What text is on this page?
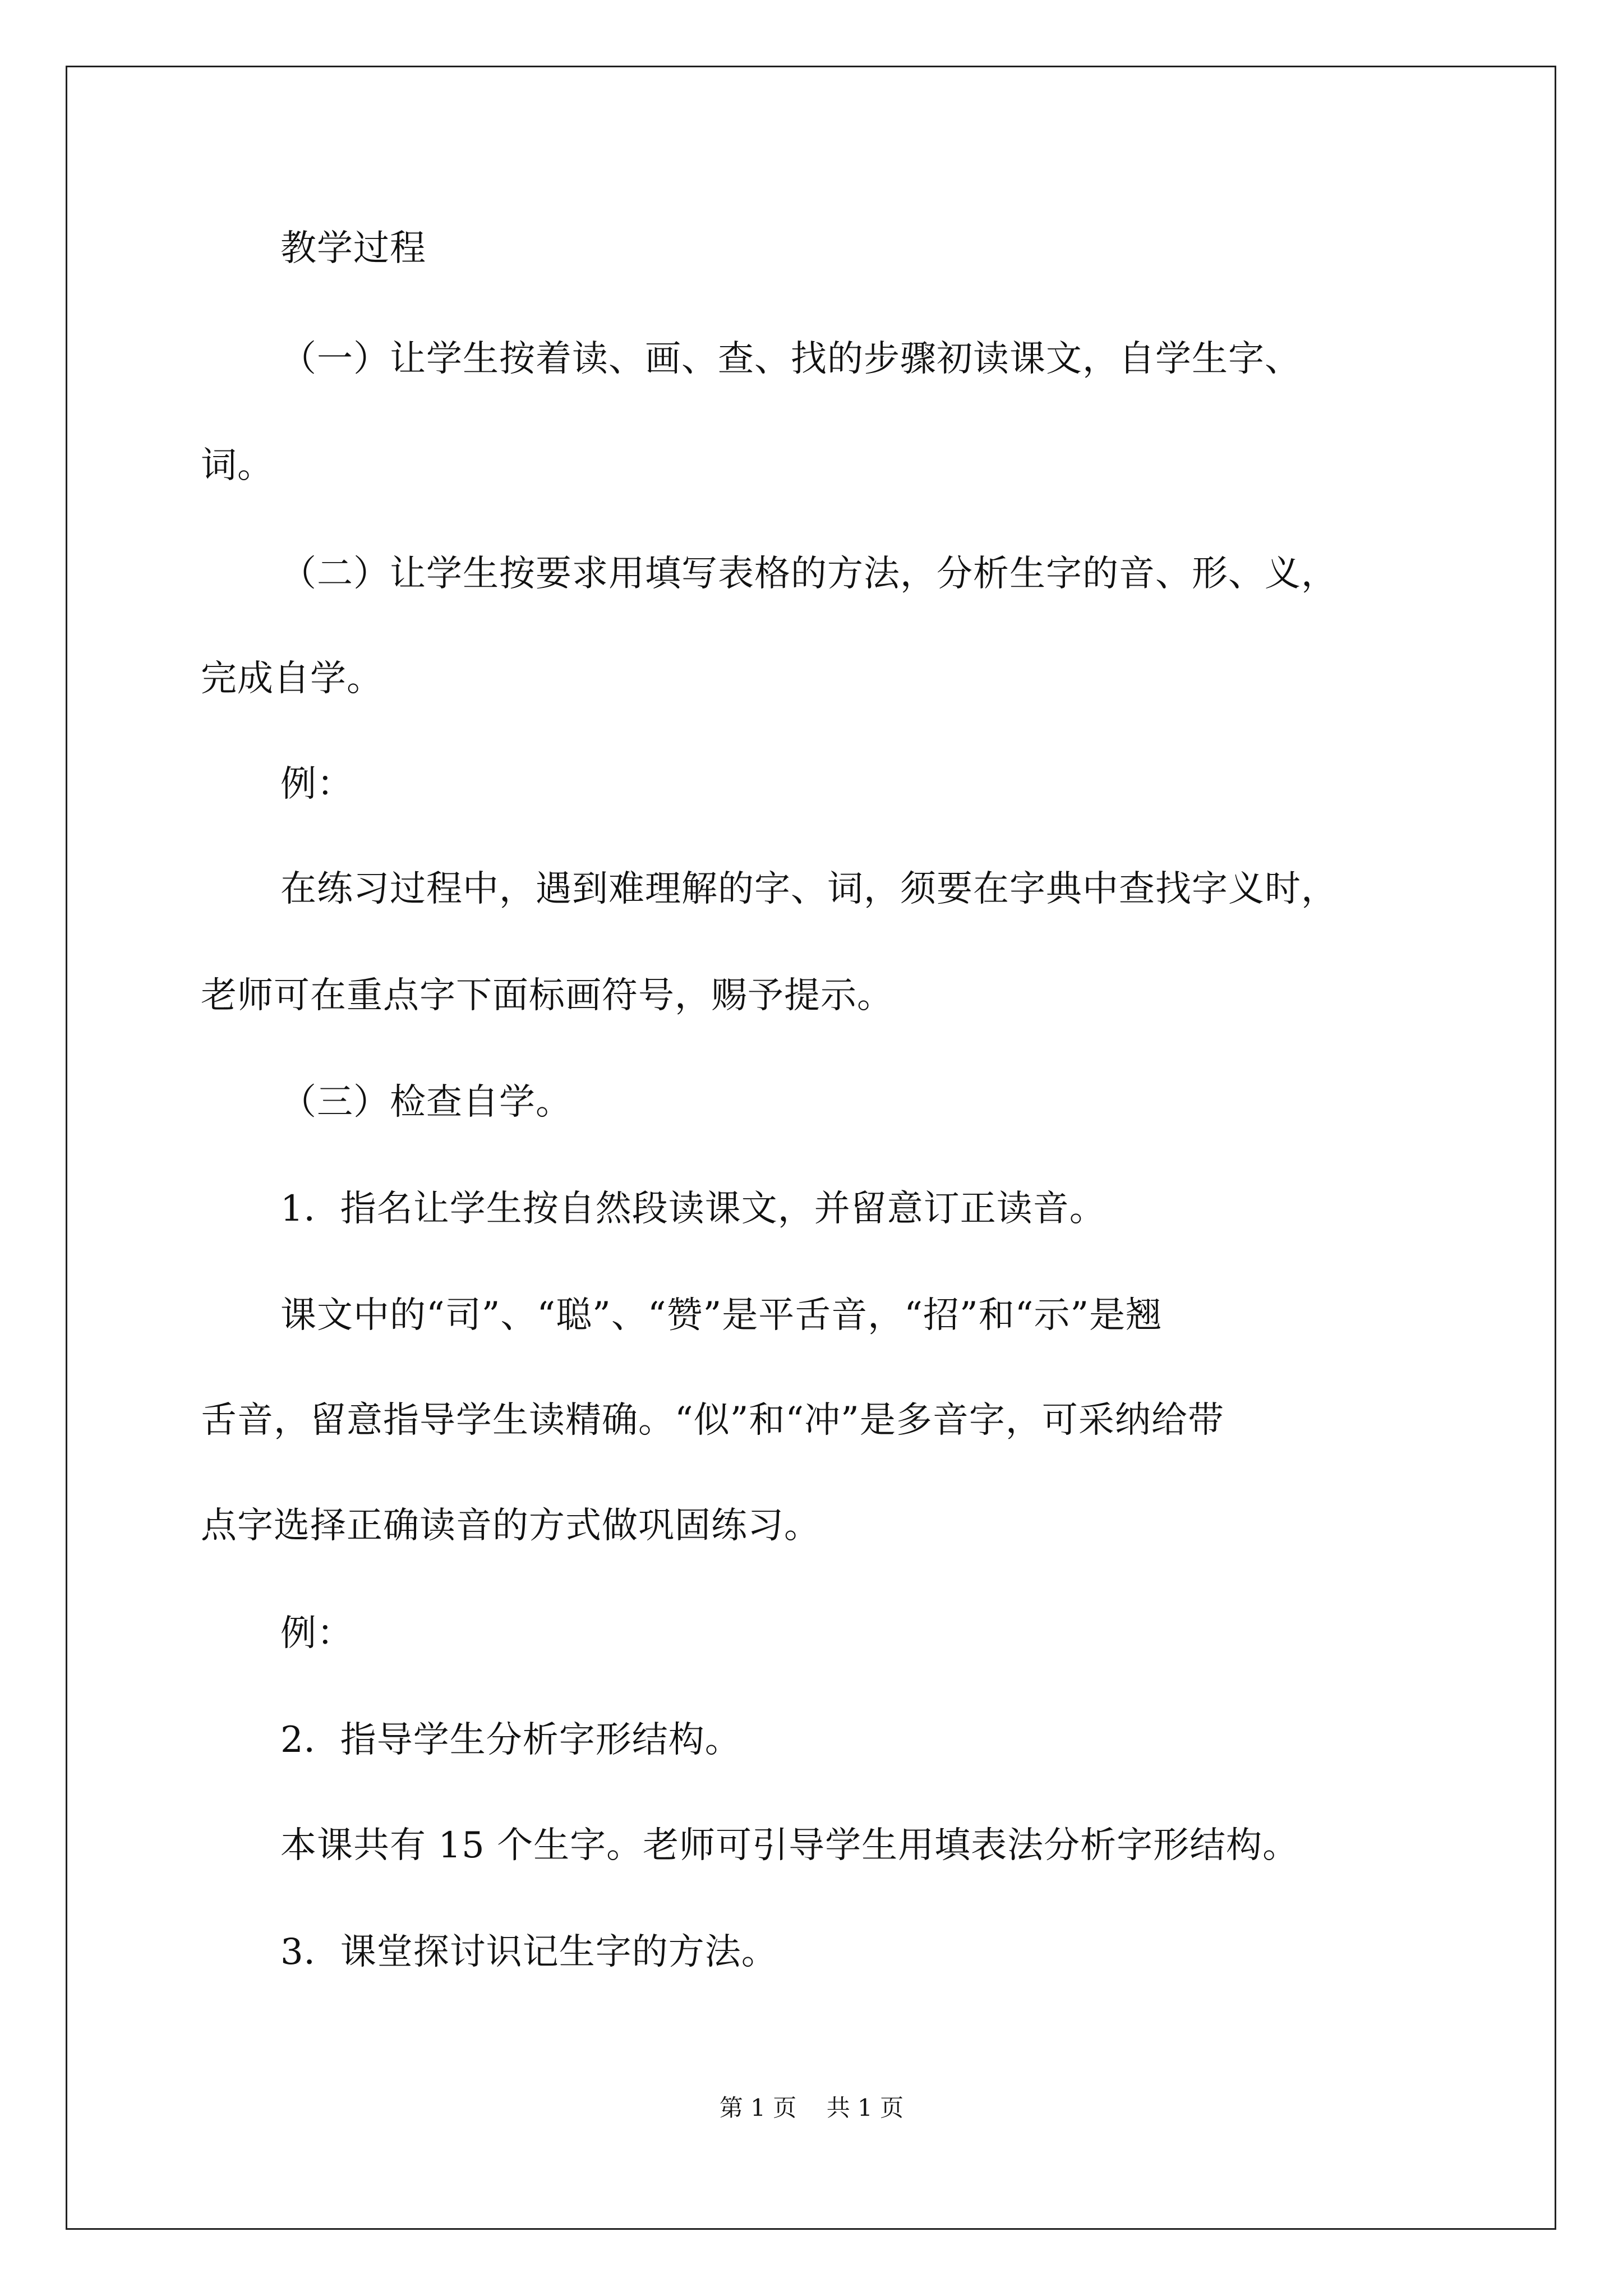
教学过程
（一）让学生按着读、画、查、找的步骤初读课文，自学生字、
词。
（二）让学生按要求用填写表格的方法，分析生字的音、形、义，
完成自学。
例：
在练习过程中，遇到难理解的字、词，须要在字典中查找字义时，
老师可在重点字下面标画符号，赐予提示。
（三）检查自学。
1．指名让学生按自然段读课文，并留意订正读音。
课文中的“司”、“聪”、“赞”是平舌音，“招”和“示”是翘
舌音，留意指导学生读精确。“似”和“冲”是多音字，可采纳给带
点字选择正确读音的方式做巩固练习。
例：
2．指导学生分析字形结构。
本课共有 15 个生字。老师可引导学生用填表法分析字形结构。
3．课堂探讨识记生字的方法。
第 1 页    共 1 页
